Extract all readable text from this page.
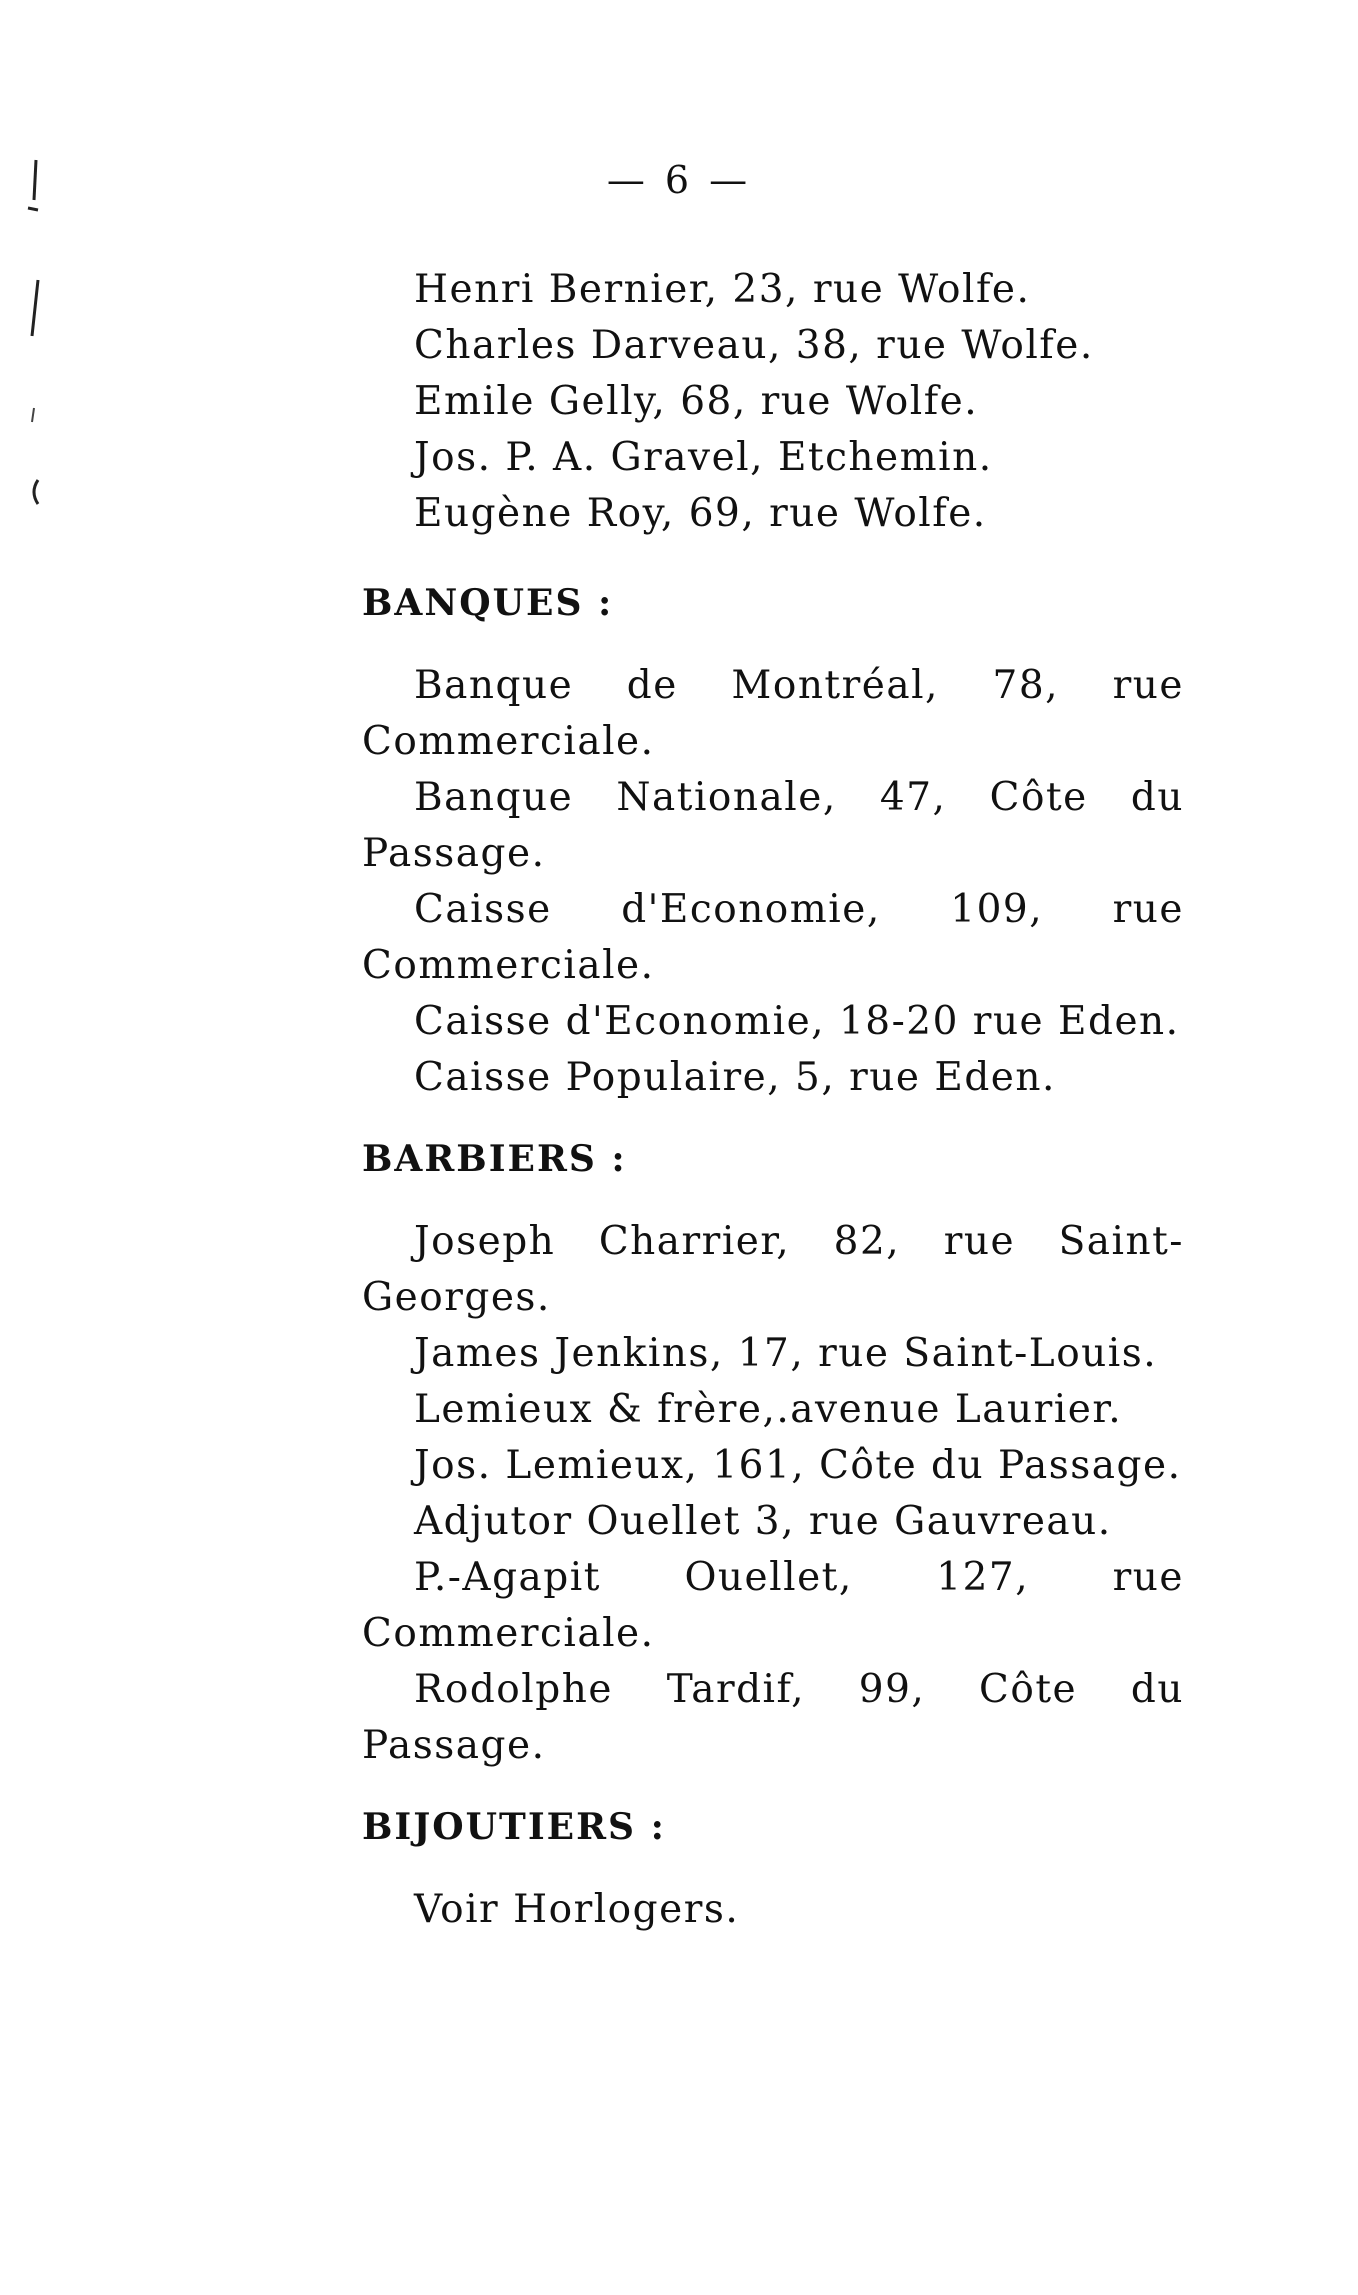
— 6 —

Henri Bernier, 23, rue Wolfe.

Charles Darveau, 38, rue Wolfe.

Emile Gelly, 68, rue Wolfe.

Jos. P. A. Gravel, Etchemin.

Eugène Roy, 69, rue Wolfe.

BANQUES :

Banque de Montréal, 78, rue Commerciale.

Banque Nationale, 47, Côte du Passage.

Caisse d'Economie, 109, rue Commerciale.

Caisse d'Economie, 18-20 rue Eden.

Caisse Populaire, 5, rue Eden.

BARBIERS :

Joseph Charrier, 82, rue Saint-Georges.

James Jenkins, 17, rue Saint-Louis.

Lemieux & frère,.avenue Laurier.

Jos. Lemieux, 161, Côte du Passage.

Adjutor Ouellet 3, rue Gauvreau.

P.-Agapit Ouellet, 127, rue Commerciale.

Rodolphe Tardif, 99, Côte du Passage.

BIJOUTIERS :

Voir Horlogers.
